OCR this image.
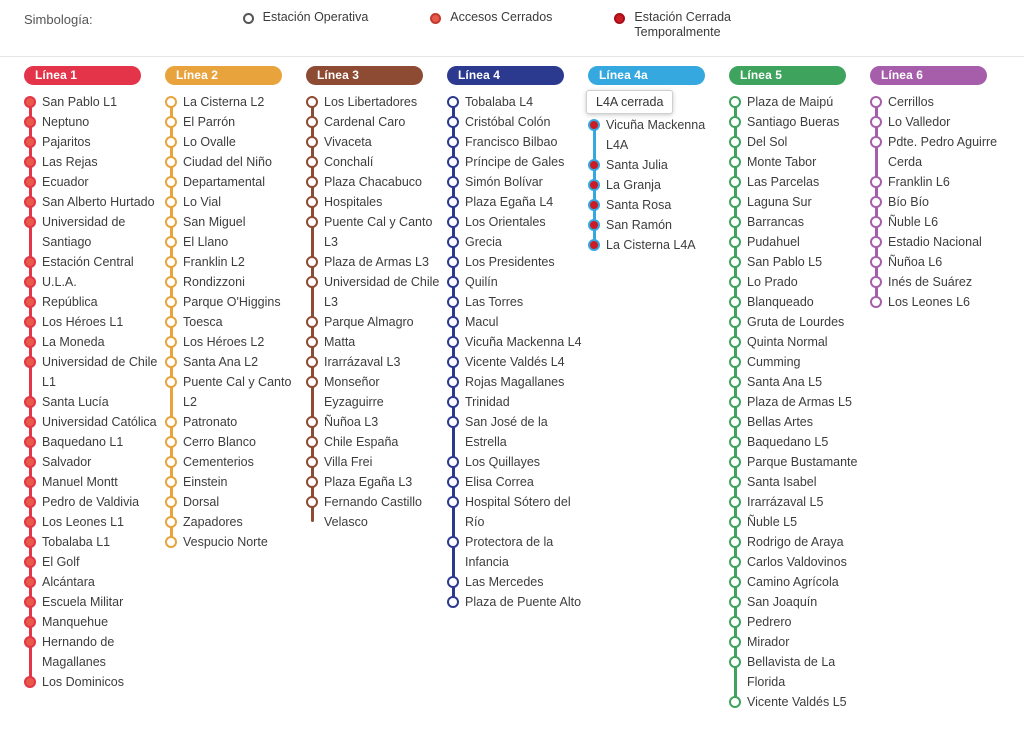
Simbología:	Estación Operativa	Accesos Cerrados	Estación Cerrada Temporalmente
Línea 1
San Pablo L1
Neptuno
Pajaritos
Las Rejas
Ecuador
San Alberto Hurtado
Universidad de Santiago
Estación Central
U.L.A.
República
Los Héroes L1
La Moneda
Universidad de Chile L1
Santa Lucía
Universidad Católica
Baquedano L1
Salvador
Manuel Montt
Pedro de Valdivia
Los Leones L1
Tobalaba L1
El Golf
Alcántara
Escuela Militar
Manquehue
Hernando de Magallanes
Los Dominicos
Línea 2
La Cisterna L2
El Parrón
Lo Ovalle
Ciudad del Niño
Departamental
Lo Vial
San Miguel
El Llano
Franklin L2
Rondizzoni
Parque O'Higgins
Toesca
Los Héroes L2
Santa Ana L2
Puente Cal y Canto L2
Patronato
Cerro Blanco
Cementerios
Einstein
Dorsal
Zapadores
Vespucio Norte
Línea 3
Los Libertadores
Cardenal Caro
Vivaceta
Conchalí
Plaza Chacabuco
Hospitales
Puente Cal y Canto L3
Plaza de Armas L3
Universidad de Chile L3
Parque Almagro
Matta
Irarrázaval L3
Monseñor Eyzaguirre
Ñuñoa L3
Chile España
Villa Frei
Plaza Egaña L3
Fernando Castillo Velasco
Línea 4
Tobalaba L4
Cristóbal Colón
Francisco Bilbao
Príncipe de Gales
Simón Bolívar
Plaza Egaña L4
Los Orientales
Grecia
Los Presidentes
Quilín
Las Torres
Macul
Vicuña Mackenna L4
Vicente Valdés L4
Rojas Magallanes
Trinidad
San José de la Estrella
Los Quillayes
Elisa Correa
Hospital Sótero del Río
Protectora de la Infancia
Las Mercedes
Plaza de Puente Alto
Línea 4a
L4A cerrada
Vicuña Mackenna L4A
Santa Julia
La Granja
Santa Rosa
San Ramón
La Cisterna L4A
Línea 5
Plaza de Maipú
Santiago Bueras
Del Sol
Monte Tabor
Las Parcelas
Laguna Sur
Barrancas
Pudahuel
San Pablo L5
Lo Prado
Blanqueado
Gruta de Lourdes
Quinta Normal
Cumming
Santa Ana L5
Plaza de Armas L5
Bellas Artes
Baquedano L5
Parque Bustamante
Santa Isabel
Irarrázaval L5
Ñuble L5
Rodrigo de Araya
Carlos Valdovinos
Camino Agrícola
San Joaquín
Pedrero
Mirador
Bellavista de La Florida
Vicente Valdés L5
Línea 6
Cerrillos
Lo Valledor
Pdte. Pedro Aguirre Cerda
Franklin L6
Bío Bío
Ñuble L6
Estadio Nacional
Ñuñoa L6
Inés de Suárez
Los Leones L6
